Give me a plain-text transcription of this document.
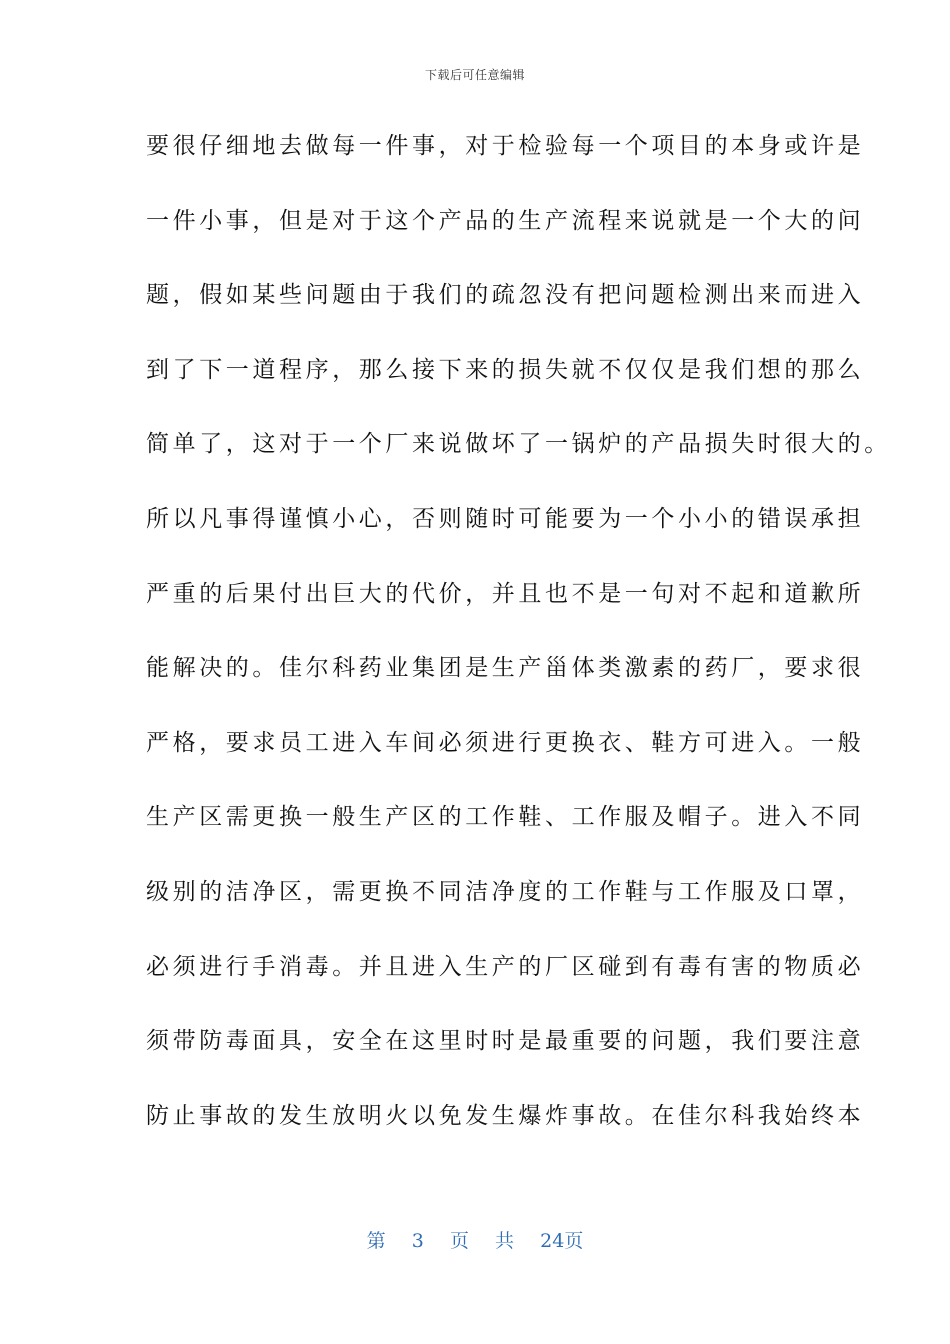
下载后可任意编辑
要很仔细地去做每一件事，对于检验每一个项目的本身或许是
一件小事，但是对于这个产品的生产流程来说就是一个大的问
题，假如某些问题由于我们的疏忽没有把问题检测出来而进入
到了下一道程序，那么接下来的损失就不仅仅是我们想的那么
简单了，这对于一个厂来说做坏了一锅炉的产品损失时很大的。
所以凡事得谨慎小心，否则随时可能要为一个小小的错误承担
严重的后果付出巨大的代价，并且也不是一句对不起和道歉所
能解决的。佳尔科药业集团是生产甾体类激素的药厂，要求很
严格，要求员工进入车间必须进行更换衣、鞋方可进入。一般
生产区需更换一般生产区的工作鞋、工作服及帽子。进入不同
级别的洁净区，需更换不同洁净度的工作鞋与工作服及口罩，
必须进行手消毒。并且进入生产的厂区碰到有毒有害的物质必
须带防毒面具，安全在这里时时是最重要的问题，我们要注意
防止事故的发生放明火以免发生爆炸事故。在佳尔科我始终本
第 3 页 共 24页
